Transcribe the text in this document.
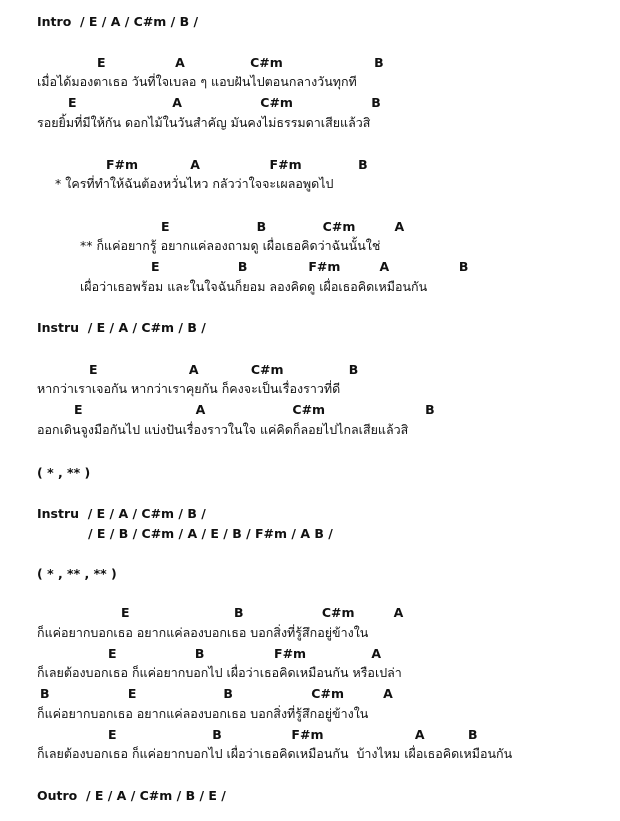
Intro  / E / A / C#m / B /
E                A               C#m                     B
เมื่อได้มองตาเธอ วันที่ใจเบลอ ๆ แอบฝันไปตอนกลางวันทุกที
E                      A                  C#m                  B
รอยยิ้มที่มีให้กัน ดอกไม้ในวันสำคัญ มันคงไม่ธรรมดาเสียแล้วสิ
F#m            A                F#m             B
* ใครที่ทำให้ฉันต้องหวั่นไหว กลัวว่าใจจะเผลอพูดไป
E                    B             C#m         A
** ก็แค่อยากรู้ อยากแค่ลองถามดู เผื่อเธอคิดว่าฉันนั้นใช่
E                  B              F#m         A                B
เผื่อว่าเธอพร้อม และในใจฉันก็ยอม ลองคิดดู เผื่อเธอคิดเหมือนกัน
Instru  / E / A / C#m / B /
E                     A            C#m               B
หากว่าเราเจอกัน หากว่าเราคุยกัน ก็คงจะเป็นเรื่องราวที่ดี
E                          A                    C#m                       B
ออกเดินจูงมือกันไป แบ่งปันเรื่องราวในใจ แค่คิดก็ลอยไปไกลเสียแล้วสิ
( * , ** )
Instru  / E / A / C#m / B /
/ E / B / C#m / A / E / B / F#m / A B /
( * , ** , ** )
E                        B                  C#m         A
ก็แค่อยากบอกเธอ อยากแค่ลองบอกเธอ บอกสิ่งที่รู้สึกอยู่ข้างใน
E                  B                F#m               A
ก็เลยต้องบอกเธอ ก็แค่อยากบอกไป เผื่อว่าเธอคิดเหมือนกัน หรือเปล่า
B                  E                    B                  C#m         A
ก็แค่อยากบอกเธอ อยากแค่ลองบอกเธอ บอกสิ่งที่รู้สึกอยู่ข้างใน
E                      B                F#m                     A          B
ก็เลยต้องบอกเธอ ก็แค่อยากบอกไป เผื่อว่าเธอคิดเหมือนกัน  บ้างไหม เผื่อเธอคิดเหมือนกัน
Outro  / E / A / C#m / B / E /
